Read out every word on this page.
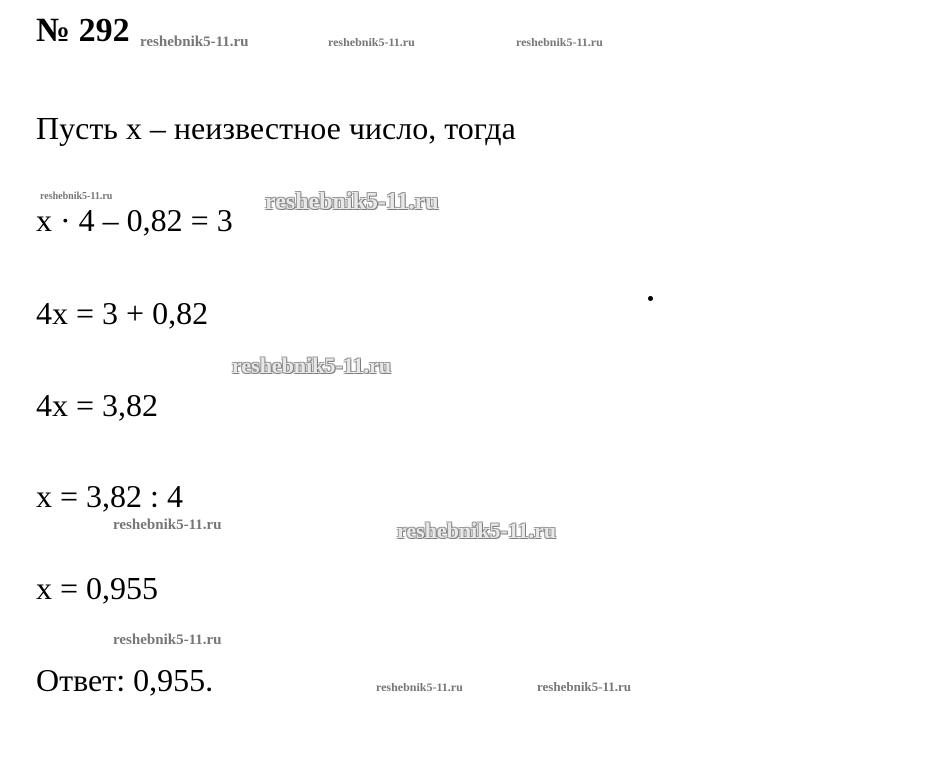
№ 292
Пусть x – неизвестное число, тогда
x · 4 – 0,82 = 3
4x = 3 + 0,82
4x = 3,82
x = 3,82 : 4
x = 0,955
Ответ: 0,955.
reshebnik5-11.ru	reshebnik5-11.ru	reshebnik5-11.ru
reshebnik5-11.ru	reshebnik5-11.ru
reshebnik5-11.ru
reshebnik5-11.ru	reshebnik5-11.ru
reshebnik5-11.ru
reshebnik5-11.ru	reshebnik5-11.ru
